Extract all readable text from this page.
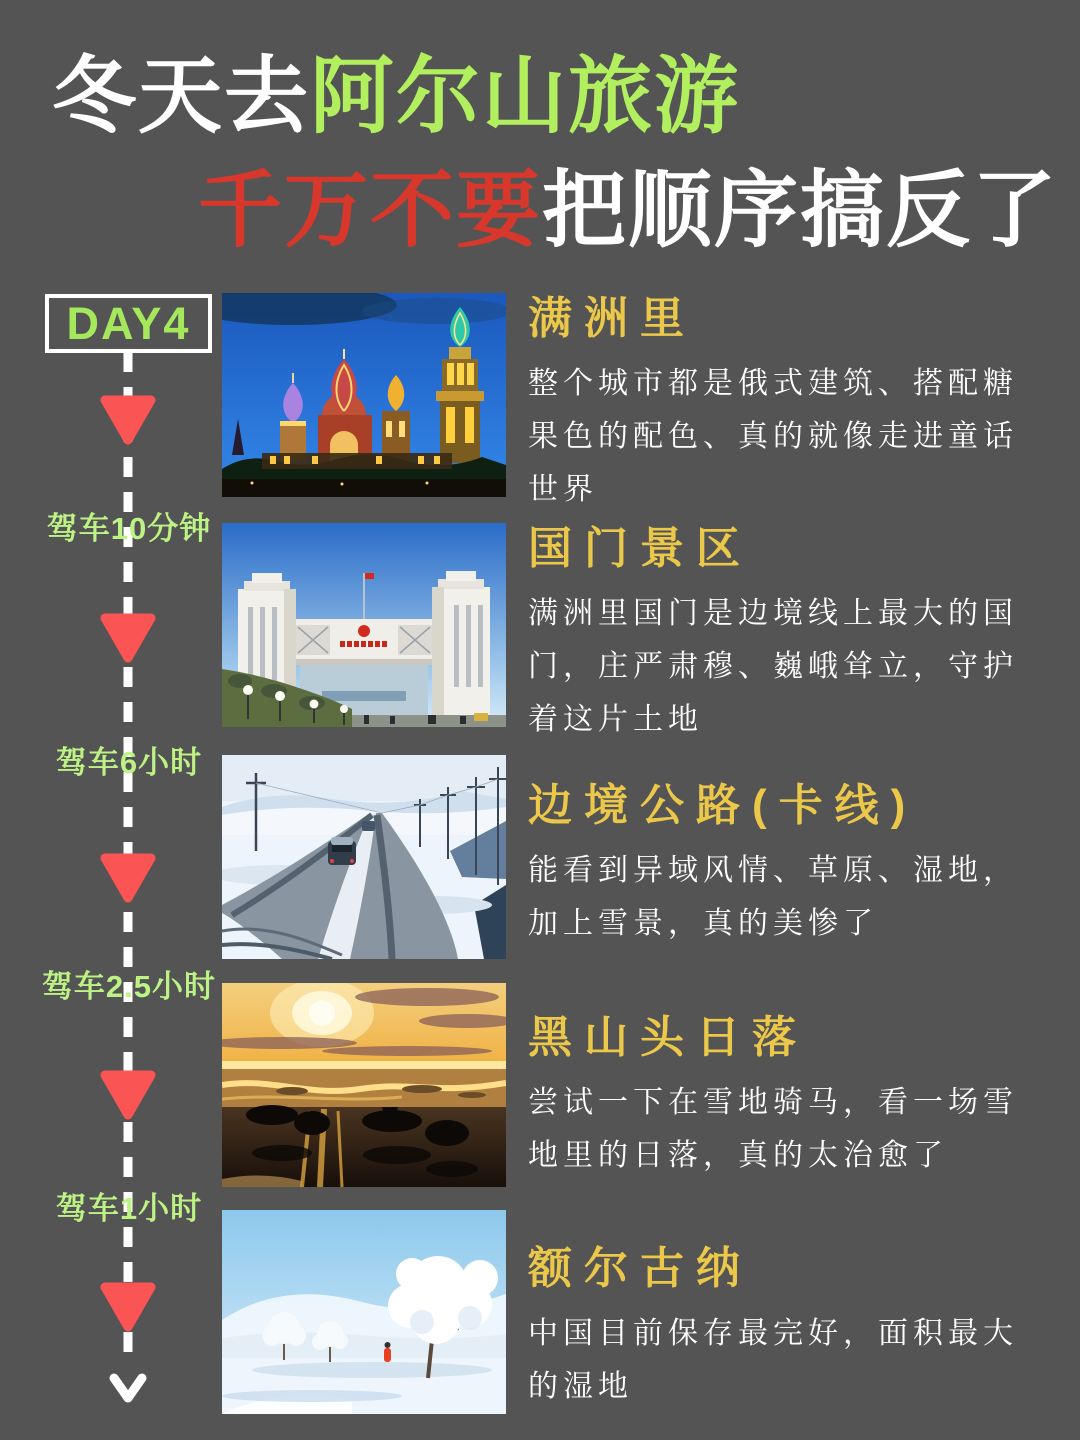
冬天去阿尔山旅游
千万不要把顺序搞反了
DAY4
驾车10分钟
驾车6小时
驾车2.5小时
驾车1小时
满洲里
整个城市都是俄式建筑、搭配糖果色的配色、真的就像走进童话世界
国门景区
满洲里国门是边境线上最大的国门，庄严肃穆、巍峨耸立，守护着这片土地
边境公路(卡线)
能看到异域风情、草原、湿地，加上雪景，真的美惨了
黑山头日落
尝试一下在雪地骑马，看一场雪地里的日落，真的太治愈了
额尔古纳
中国目前保存最完好，面积最大的湿地
